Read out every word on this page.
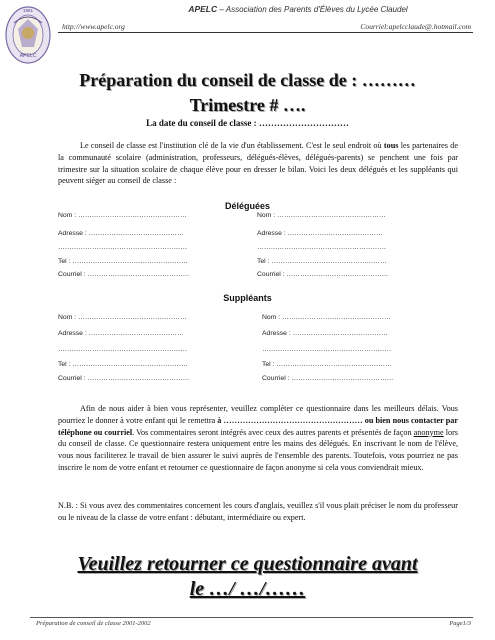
APELC
1991	APELC – Association des Parents d'Élèves du Lycée Claudel
http://www.apelc.org	Courriel:apelcclaude@.hotmail.com
Préparation du conseil de classe de : ………
Trimestre # ….
La date du conseil de classe : …………………………
Le conseil de classe est l'institution clé de la vie d'un établissement. C'est le seul endroit où tous les partenaires de la communauté scolaire (administration, professeurs, délégués-élèves, délégués-parents) se penchent une fois par trimestre sur la situation scolaire de chaque élève pour en dresser le bilan. Voici les deux délégués et les suppléants qui peuvent siéger au conseil de classe :
Déléguées
Nom : …………………………………………	Nom : …………………………………………
Adresse : ……………………………………	Adresse : ……………………………………
…………………………………………………	…………………………………………………
Tel : ……………………………………………	Tel : ……………………………………………
Courriel : ………………………………………	Courriel : ………………………………………
Suppléants
Nom : …………………………………………	Nom : …………………………………………
Adresse : ……………………………………	Adresse : ……………………………………
…………………………………………………	…………………………………………………
Tel : ……………………………………………	Tel : ……………………………………………
Courriel : ………………………………………	Courriel : ………………………………………
Afin de nous aider à bien vous représenter, veuillez compléter ce questionnaire dans les meilleurs délais. Vous pourriez le donner à votre enfant qui le remettra à …………………………………………… ou bien nous contacter par téléphone ou courriel. Vos commentaires seront intégrés avec ceux des autres parents et présentés de façon anonyme lors du conseil de classe. Ce questionnaire restera uniquement entre les mains des délégués. En inscrivant le nom de l'élève, vous nous faciliterez le travail de bien assurer le suivi auprès de l'ensemble des parents. Toutefois, vous pourriez ne pas inscrire le nom de votre enfant et retourner ce questionnaire de façon anonyme si cela vous conviendrait mieux.
N.B. : Si vous avez des commentaires concernent les cours d'anglais, veuillez s'il vous plait préciser le nom du professeur ou le niveau de la classe de votre enfant : débutant, intermédiaire ou expert.
Veuillez retourner ce questionnaire avant
le …/ …/……
Préparation de conseil de classe 2001-2002	Page1/3
